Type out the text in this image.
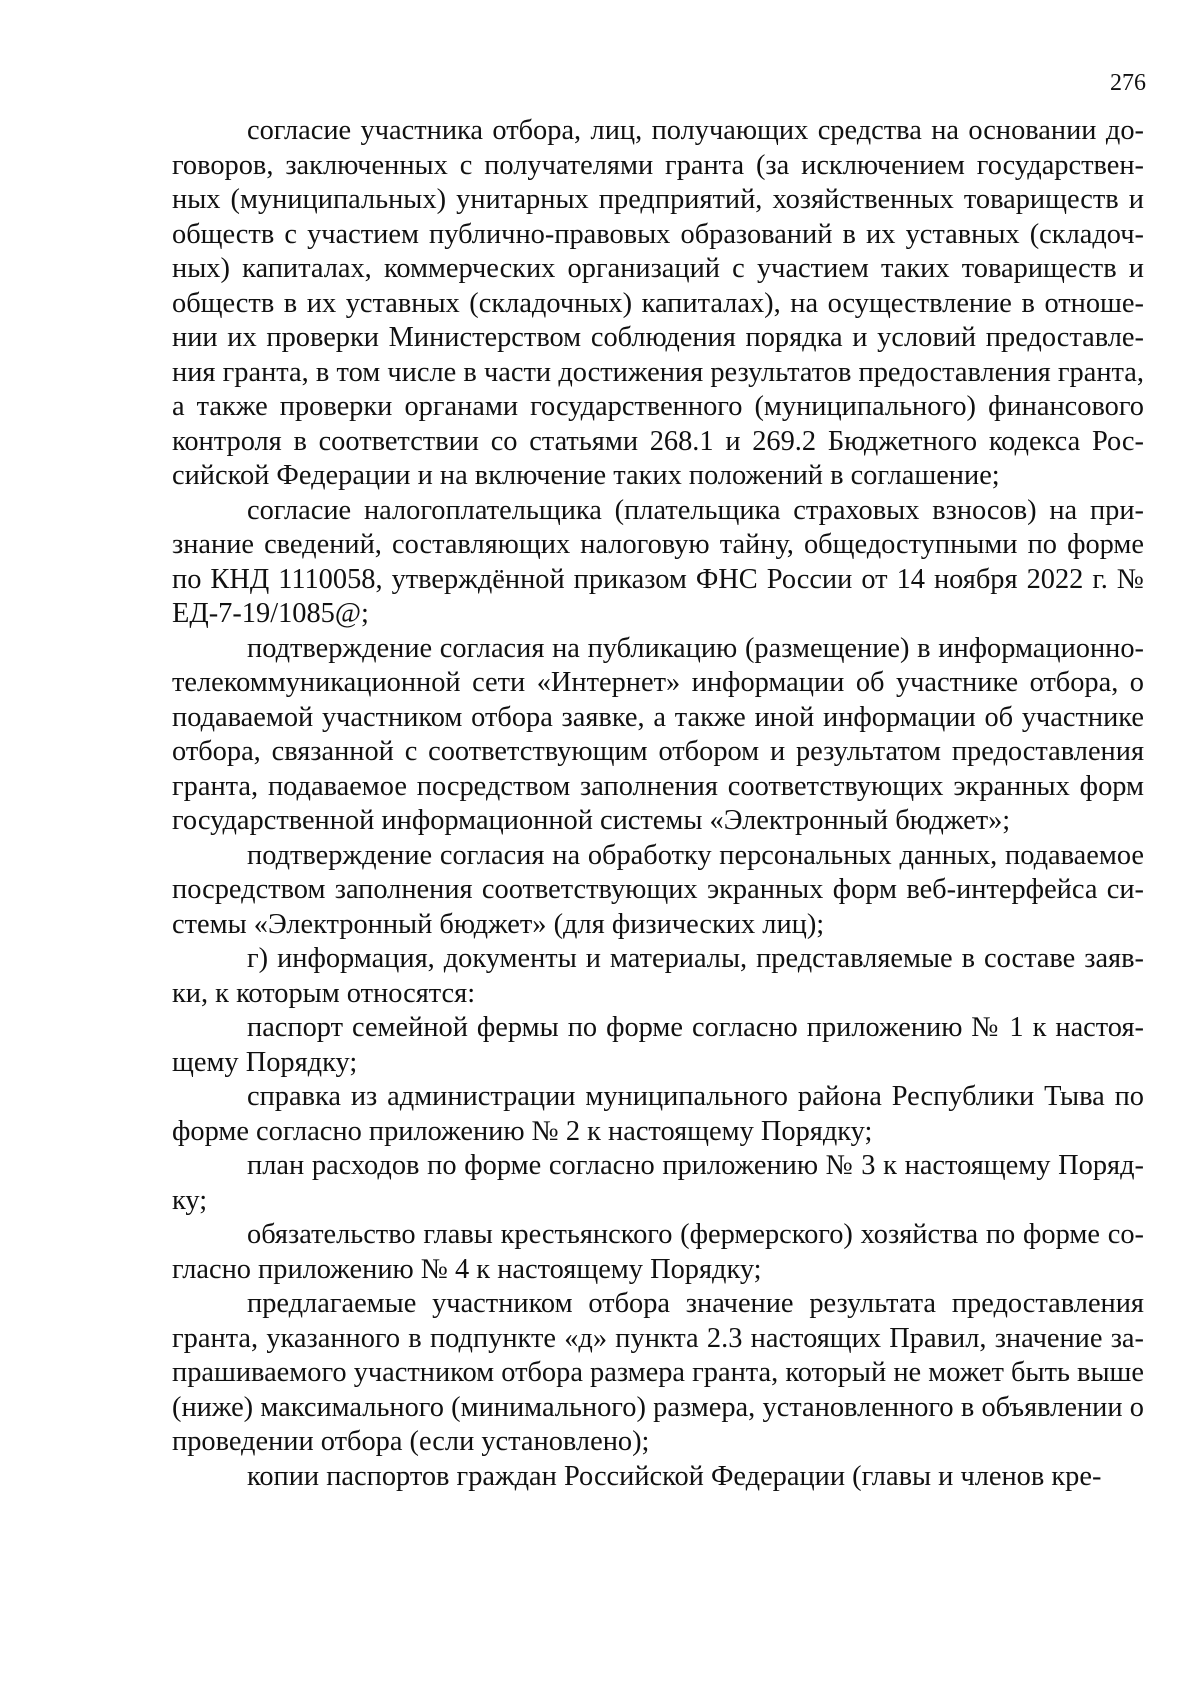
276

согласие участника отбора, лиц, получающих средства на основании договоров, заключенных с получателями гранта (за исключением государственных (муниципальных) унитарных предприятий, хозяйственных товариществ и обществ с участием публично-правовых образований в их уставных (складочных) капиталах, коммерческих организаций с участием таких товариществ и обществ в их уставных (складочных) капиталах), на осуществление в отношении их проверки Министерством соблюдения порядка и условий предоставления гранта, в том числе в части достижения результатов предоставления гранта, а также проверки органами государственного (муниципального) финансового контроля в соответствии со статьями 268.1 и 269.2 Бюджетного кодекса Российской Федерации и на включение таких положений в соглашение;

согласие налогоплательщика (плательщика страховых взносов) на признание сведений, составляющих налоговую тайну, общедоступными по форме по КНД 1110058, утверждённой приказом ФНС России от 14 ноября 2022 г. № ЕД-7-19/1085@;

подтверждение согласия на публикацию (размещение) в информационно-телекоммуникационной сети «Интернет» информации об участнике отбора, о подаваемой участником отбора заявке, а также иной информации об участнике отбора, связанной с соответствующим отбором и результатом предоставления гранта, подаваемое посредством заполнения соответствующих экранных форм государственной информационной системы «Электронный бюджет»;

подтверждение согласия на обработку персональных данных, подаваемое посредством заполнения соответствующих экранных форм веб-интерфейса системы «Электронный бюджет» (для физических лиц);

г) информация, документы и материалы, представляемые в составе заявки, к которым относятся:

паспорт семейной фермы по форме согласно приложению № 1 к настоящему Порядку;

справка из администрации муниципального района Республики Тыва по форме согласно приложению № 2 к настоящему Порядку;

план расходов по форме согласно приложению № 3 к настоящему Порядку;

обязательство главы крестьянского (фермерского) хозяйства по форме согласно приложению № 4 к настоящему Порядку;

предлагаемые участником отбора значение результата предоставления гранта, указанного в подпункте «д» пункта 2.3 настоящих Правил, значение запрашиваемого участником отбора размера гранта, который не может быть выше (ниже) максимального (минимального) размера, установленного в объявлении о проведении отбора (если установлено);

копии паспортов граждан Российской Федерации (главы и членов кре-
